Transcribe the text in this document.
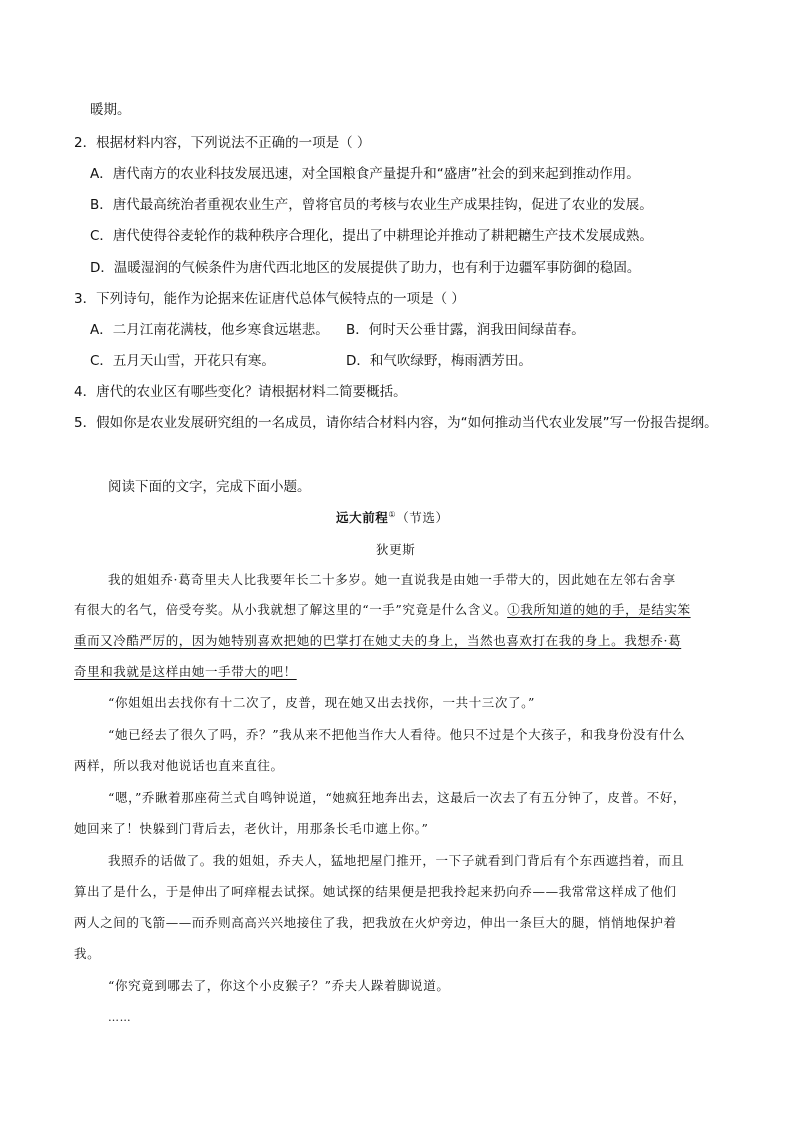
暖期。
2．根据材料内容，下列说法不正确的一项是（ ）
A．唐代南方的农业科技发展迅速，对全国粮食产量提升和“盛唐”社会的到来起到推动作用。
B．唐代最高统治者重视农业生产，曾将官员的考核与农业生产成果挂钩，促进了农业的发展。
C．唐代使得谷麦轮作的栽种秩序合理化，提出了中耕理论并推动了耕耙耱生产技术发展成熟。
D．温暖湿润的气候条件为唐代西北地区的发展提供了助力，也有利于边疆军事防御的稳固。
3．下列诗句，能作为论据来佐证唐代总体气候特点的一项是（ ）
A．二月江南花满枝，他乡寒食远堪悲。 B．何时天公垂甘露，润我田间绿苗春。
C．五月天山雪，开花只有寒。	D．和气吹绿野，梅雨洒芳田。
4．唐代的农业区有哪些变化？请根据材料二简要概括。
5．假如你是农业发展研究组的一名成员，请你结合材料内容，为“如何推动当代农业发展”写一份报告提纲。
阅读下面的文字，完成下面小题。
远大前程①（节选）
狄更斯
我的姐姐乔·葛奇里夫人比我要年长二十多岁。她一直说我是由她一手带大的，因此她在左邻右舍享
有很大的名气，倍受夸奖。从小我就想了解这里的“一手”究竟是什么含义。①我所知道的她的手，是结实笨
重而又冷酷严厉的，因为她特别喜欢把她的巴掌打在她丈夫的身上，当然也喜欢打在我的身上。我想乔·葛
奇里和我就是这样由她一手带大的吧！
“你姐姐出去找你有十二次了，皮普，现在她又出去找你，一共十三次了。”
“她已经去了很久了吗，乔？”我从来不把他当作大人看待。他只不过是个大孩子，和我身份没有什么
两样，所以我对他说话也直来直往。
“嗯，”乔瞅着那座荷兰式自鸣钟说道，“她疯狂地奔出去，这最后一次去了有五分钟了，皮普。不好，
她回来了！快躲到门背后去，老伙计，用那条长毛巾遮上你。”
我照乔的话做了。我的姐姐，乔夫人，猛地把屋门推开，一下子就看到门背后有个东西遮挡着，而且
算出了是什么，于是伸出了呵痒棍去试探。她试探的结果便是把我拎起来扔向乔——我常常这样成了他们
两人之间的飞箭——而乔则高高兴兴地接住了我，把我放在火炉旁边，伸出一条巨大的腿，悄悄地保护着
我。
“你究竟到哪去了，你这个小皮猴子？”乔夫人跺着脚说道。
……
